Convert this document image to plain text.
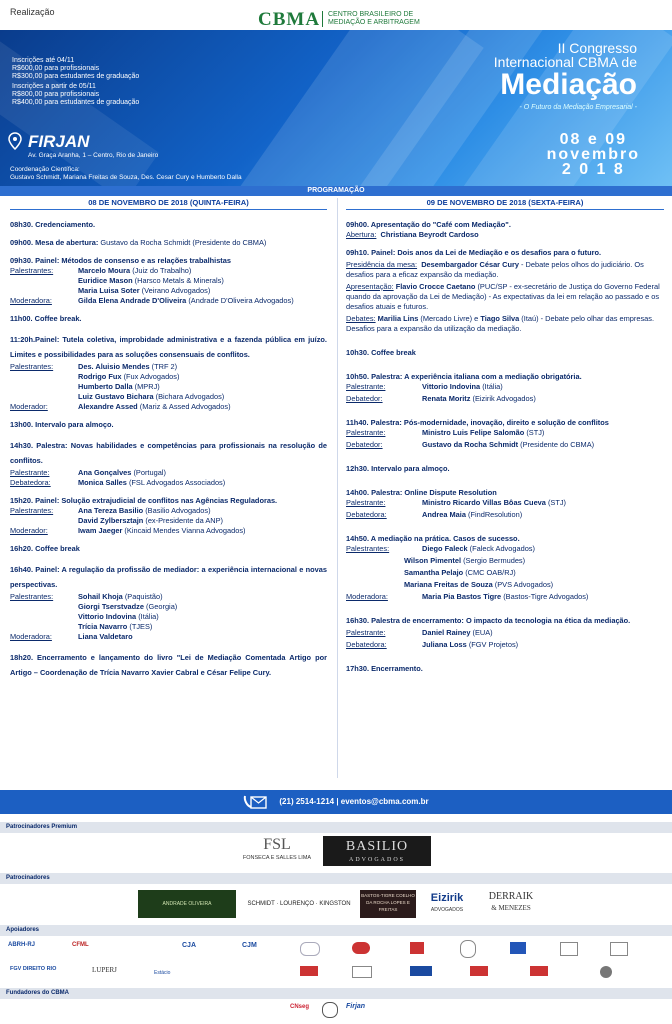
Realização	CBMA CENTRO BRASILEIRO DE
MEDIAÇÃO E ARBITRAGEM
Inscrições até 04/11
R$600,00 para profissionais
R$300,00 para estudantes de graduação
Inscrições a partir de 05/11
R$800,00 para profissionais
R$400,00 para estudantes de graduação
FIRJAN
Av. Graça Aranha, 1 – Centro, Rio de Janeiro
Coordenação Científica:
Gustavo Schmidt, Mariana Freitas de Souza, Des. Cesar Cury e Humberto Dalla
II Congresso
Internacional CBMA de
Mediação
- O Futuro da Mediação Empresarial -
08 e 09
novembro
2 0 1 8
PROGRAMAÇÃO
08 DE NOVEMBRO DE 2018 (QUINTA-FEIRA)
08h30. Credenciamento.
09h00. Mesa de abertura: Gustavo da Rocha Schmidt (Presidente do CBMA)
09h30. Painel: Métodos de consenso e as relações trabalhistas
Palestrantes:	Marcelo Moura (Juiz do Trabalho)
Euridice Mason (Harsco Metals & Minerals)
Maria Luisa Soter (Veirano Advogados)
Moderadora:	Gilda Elena Andrade D'Oliveira (Andrade D'Oliveira Advogados)
11h00. Coffee break.
11:20h.Painel: Tutela coletiva, improbidade administrativa e a fazenda pública em juízo. Limites e possibilidades para as soluções consensuais de conflitos.
Palestrantes:	Des. Aluisio Mendes (TRF 2)
Rodrigo Fux (Fux Advogados)
Humberto Dalla (MPRJ)
Luiz Gustavo Bichara (Bichara Advogados)
Moderador:	Alexandre Assed (Mariz & Assed Advogados)
13h00. Intervalo para almoço.
14h30. Palestra: Novas habilidades e competências para profissionais na resolução de conflitos.
Palestrante:	Ana Gonçalves (Portugal)
Debatedora:	Monica Salles (FSL Advogados Associados)
15h20. Painel: Solução extrajudicial de conflitos nas Agências Reguladoras.
Palestrantes:	Ana Tereza Basilio (Basilio Advogados)
David Zylbersztajn (ex-Presidente da ANP)
Moderador:	Iwam Jaeger (Kincaid Mendes Vianna Advogados)
16h20. Coffee break
16h40. Painel: A regulação da profissão de mediador: a experiência internacional e novas perspectivas.
Palestrantes:	Sohail Khoja (Paquistão)
Giorgi Tserstvadze (Georgia)
Vittorio Indovina (Itália)
Trícia Navarro (TJES)
Moderadora:	Liana Valdetaro
18h20. Encerramento e lançamento do livro "Lei de Mediação Comentada Artigo por Artigo – Coordenação de Trícia Navarro Xavier Cabral e César Felipe Cury.
09 DE NOVEMBRO DE 2018 (SEXTA-FEIRA)
09h00. Apresentação do "Café com Mediação".
Abertura: Christiana Beyrodt Cardoso
09h10. Painel: Dois anos da Lei de Mediação e os desafios para o futuro.
Presidência da mesa: Desembargador César Cury - Debate pelos olhos do judiciário. Os desafios para a eficaz expansão da mediação.
Apresentação: Flavio Crocce Caetano (PUC/SP - ex-secretário de Justiça do Governo Federal quando da aprovação da Lei de Mediação) - As expectativas da lei em relação ao passado e os desafios atuais e futuros.
Debates: Marilia Lins (Mercado Livre) e Tiago Silva (Itaú) - Debate pelo olhar das empresas. Desafios para a expansão da utilização da mediação.
10h30. Coffee break
10h50. Palestra: A experiência italiana com a mediação obrigatória.
Palestrante:	Vittorio Indovina (Itália)
Debatedor:	Renata Moritz (Eizirik Advogados)
11h40. Palestra: Pós-modernidade, inovação, direito e solução de conflitos
Palestrante:	Ministro Luis Felipe Salomão (STJ)
Debatedor:	Gustavo da Rocha Schmidt (Presidente do CBMA)
12h30. Intervalo para almoço.
14h00. Palestra: Online Dispute Resolution
Palestrante:	Ministro Ricardo Villas Bôas Cueva (STJ)
Debatedora:	Andrea Maia (FindResolution)
14h50. A mediação na prática. Casos de sucesso.
Palestrantes:	Diego Faleck (Faleck Advogados)
Wilson Pimentel (Sergio Bermudes)
Samantha Pelajo (CMC OAB/RJ)
Mariana Freitas de Souza (PVS Advogados)
Moderadora:	Maria Pia Bastos Tigre (Bastos-Tigre Advogados)
16h30. Palestra de encerramento: O impacto da tecnologia na ética da mediação.
Palestrante:	Daniel Rainey (EUA)
Debatedora:	Juliana Loss (FGV Projetos)
17h30. Encerramento.
(21) 2514-1214 | eventos@cbma.com.br
Patrocinadores Premium
FSL
FONSECA E SALLES LIMA
BASILIO
ADVOGADOS
Patrocinadores
ANDRADE OLIVEIRA	SCHMIDT · LOURENÇO · KINGSTON
BASTOS-TIGRE COELHO DA ROCHA LOPES E FREITAS
Eizirik
ADVOGADOS
DERRAIK
& MENEZES
Apoiadores
ABRH-RJ	CFML	CJA	CJM
FGV DIREITO RIO	LUPERJ	Estácio
Fundadores do CBMA
CNseg	Firjan
